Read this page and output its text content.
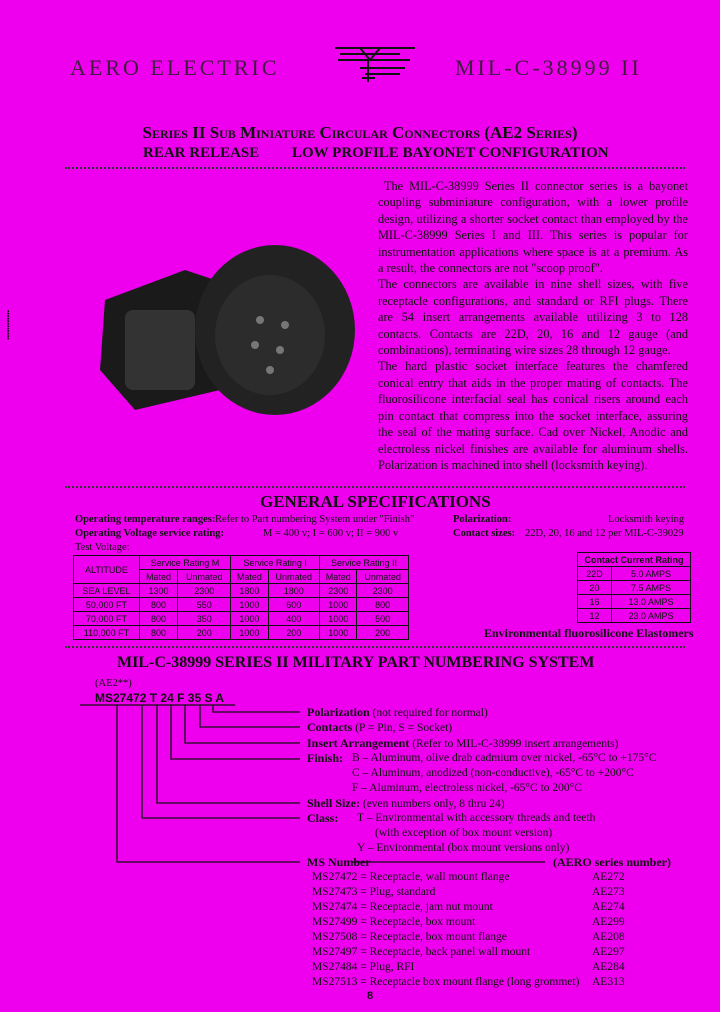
AERO ELECTRIC	MIL-C-38999 II
Series II Sub Miniature Circular Connectors (AE2 Series)
REAR RELEASE LOW PROFILE BAYONET CONFIGURATION
▪▪▪▪▪▪▪▪▪▪▪▪

The MIL-C-38999 Series II connector series is a bayonet coupling subminiature configuration, with a lower profile design, utilizing a shorter socket contact than employed by the MIL-C-38999 Series I and III. This series is popular for instrumentation applications where space is at a premium. As a result, the connectors are not "scoop proof".

The connectors are available in nine shell sizes, with five receptacle configurations, and standard or RFI plugs. There are 54 insert arrangements available utilizing 3 to 128 contacts. Contacts are 22D, 20, 16 and 12 gauge (and combinations), terminating wire sizes 28 through 12 gauge.

The hard plastic socket interface features the chamfered conical entry that aids in the proper mating of contacts. The fluorosilicone interfacial seal has conical risers around each pin contact that compress into the socket interface, assuring the seal of the mating surface. Cad over Nickel, Anodic and electroless nickel finishes are available for aluminum shells. Polarization is machined into shell (locksmith keying).

GENERAL SPECIFICATIONS
Operating temperature ranges: Refer to Part numbering System under "Finish"
Operating Voltage service rating:	M = 400 v; I = 600 v; II = 900 v
Test Voltage:
Polarization:	Locksmith keying
Contact sizes: 22D, 20, 16 and 12 per MIL-C-39029
ALTITUDE	Service Rating M		Service Rating I		Service Rating II	
	Mated	Unmated	Mated	Unmated	Mated	Unmated
SEA LEVEL	1300	2300	1800	1800	2300	2300
50,000 FT	800	550	1000	600	1000	800
70,000 FT	800	350	1000	400	1000	500
110,000 FT	800	200	1000	200	1000	200
Contact Current Rating	
22D	5.0 AMPS
20	7.5 AMPS
16	13.0 AMPS
12	23.0 AMPS
Environmental fluorosilicone Elastomers
MIL-C-38999 SERIES II MILITARY PART NUMBERING SYSTEM
(AE2**)
MS27472 T 24 F 35 S A
Polarization (not required for normal)
Contacts (P = Pin, S = Socket)
Insert Arrangement (Refer to MIL-C-38999 insert arrangements)
Finish: B – Aluminum, olive drab cadmium over nickel, -65°C to +175°C
C – Aluminum, anodized (non-conductive), -65°C to +200°C
F – Aluminum, electroless nickel, -65°C to 200°C
Shell Size: (even numbers only, 8 thru 24)
Class: T – Environmental with accessory threads and teeth
(with exception of box mount version)
Y – Environmental (box mount versions only)
MS Number	(AERO series number)
MS27472 = Receptacle, wall mount flange	AE272
MS27473 = Plug, standard	AE273
MS27474 = Receptacle, jam nut mount	AE274
MS27499 = Receptacle, box mount	AE299
MS27508 = Receptacle, box mount flange	AE208
MS27497 = Receptacle, back panel wall mount	AE297
MS27484 = Plug, RFI	AE284
MS27513 = Receptacle box mount flange (long grommet) AE313
8
